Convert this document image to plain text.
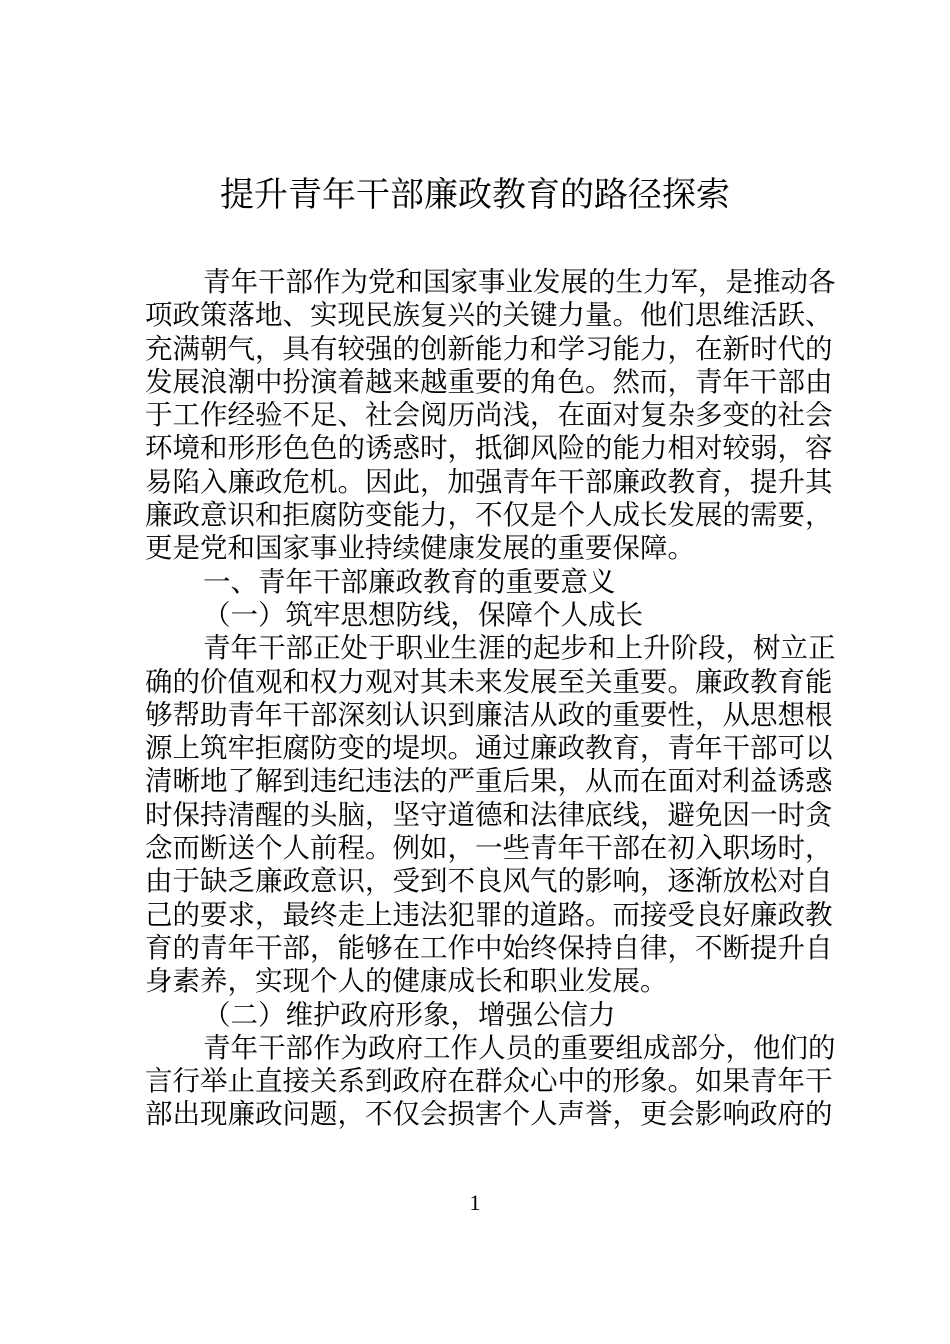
提升青年干部廉政教育的路径探索
青年干部作为党和国家事业发展的生力军，是推动各
项政策落地、实现民族复兴的关键力量。他们思维活跃、
充满朝气，具有较强的创新能力和学习能力，在新时代的
发展浪潮中扮演着越来越重要的角色。然而，青年干部由
于工作经验不足、社会阅历尚浅，在面对复杂多变的社会
环境和形形色色的诱惑时，抵御风险的能力相对较弱，容
易陷入廉政危机。因此，加强青年干部廉政教育，提升其
廉政意识和拒腐防变能力，不仅是个人成长发展的需要，
更是党和国家事业持续健康发展的重要保障。
一、青年干部廉政教育的重要意义
（一）筑牢思想防线，保障个人成长
青年干部正处于职业生涯的起步和上升阶段，树立正
确的价值观和权力观对其未来发展至关重要。廉政教育能
够帮助青年干部深刻认识到廉洁从政的重要性，从思想根
源上筑牢拒腐防变的堤坝。通过廉政教育，青年干部可以
清晰地了解到违纪违法的严重后果，从而在面对利益诱惑
时保持清醒的头脑，坚守道德和法律底线，避免因一时贪
念而断送个人前程。例如，一些青年干部在初入职场时，
由于缺乏廉政意识，受到不良风气的影响，逐渐放松对自
己的要求，最终走上违法犯罪的道路。而接受良好廉政教
育的青年干部，能够在工作中始终保持自律，不断提升自
身素养，实现个人的健康成长和职业发展。
（二）维护政府形象，增强公信力
青年干部作为政府工作人员的重要组成部分，他们的
言行举止直接关系到政府在群众心中的形象。如果青年干
部出现廉政问题，不仅会损害个人声誉，更会影响政府的
1
